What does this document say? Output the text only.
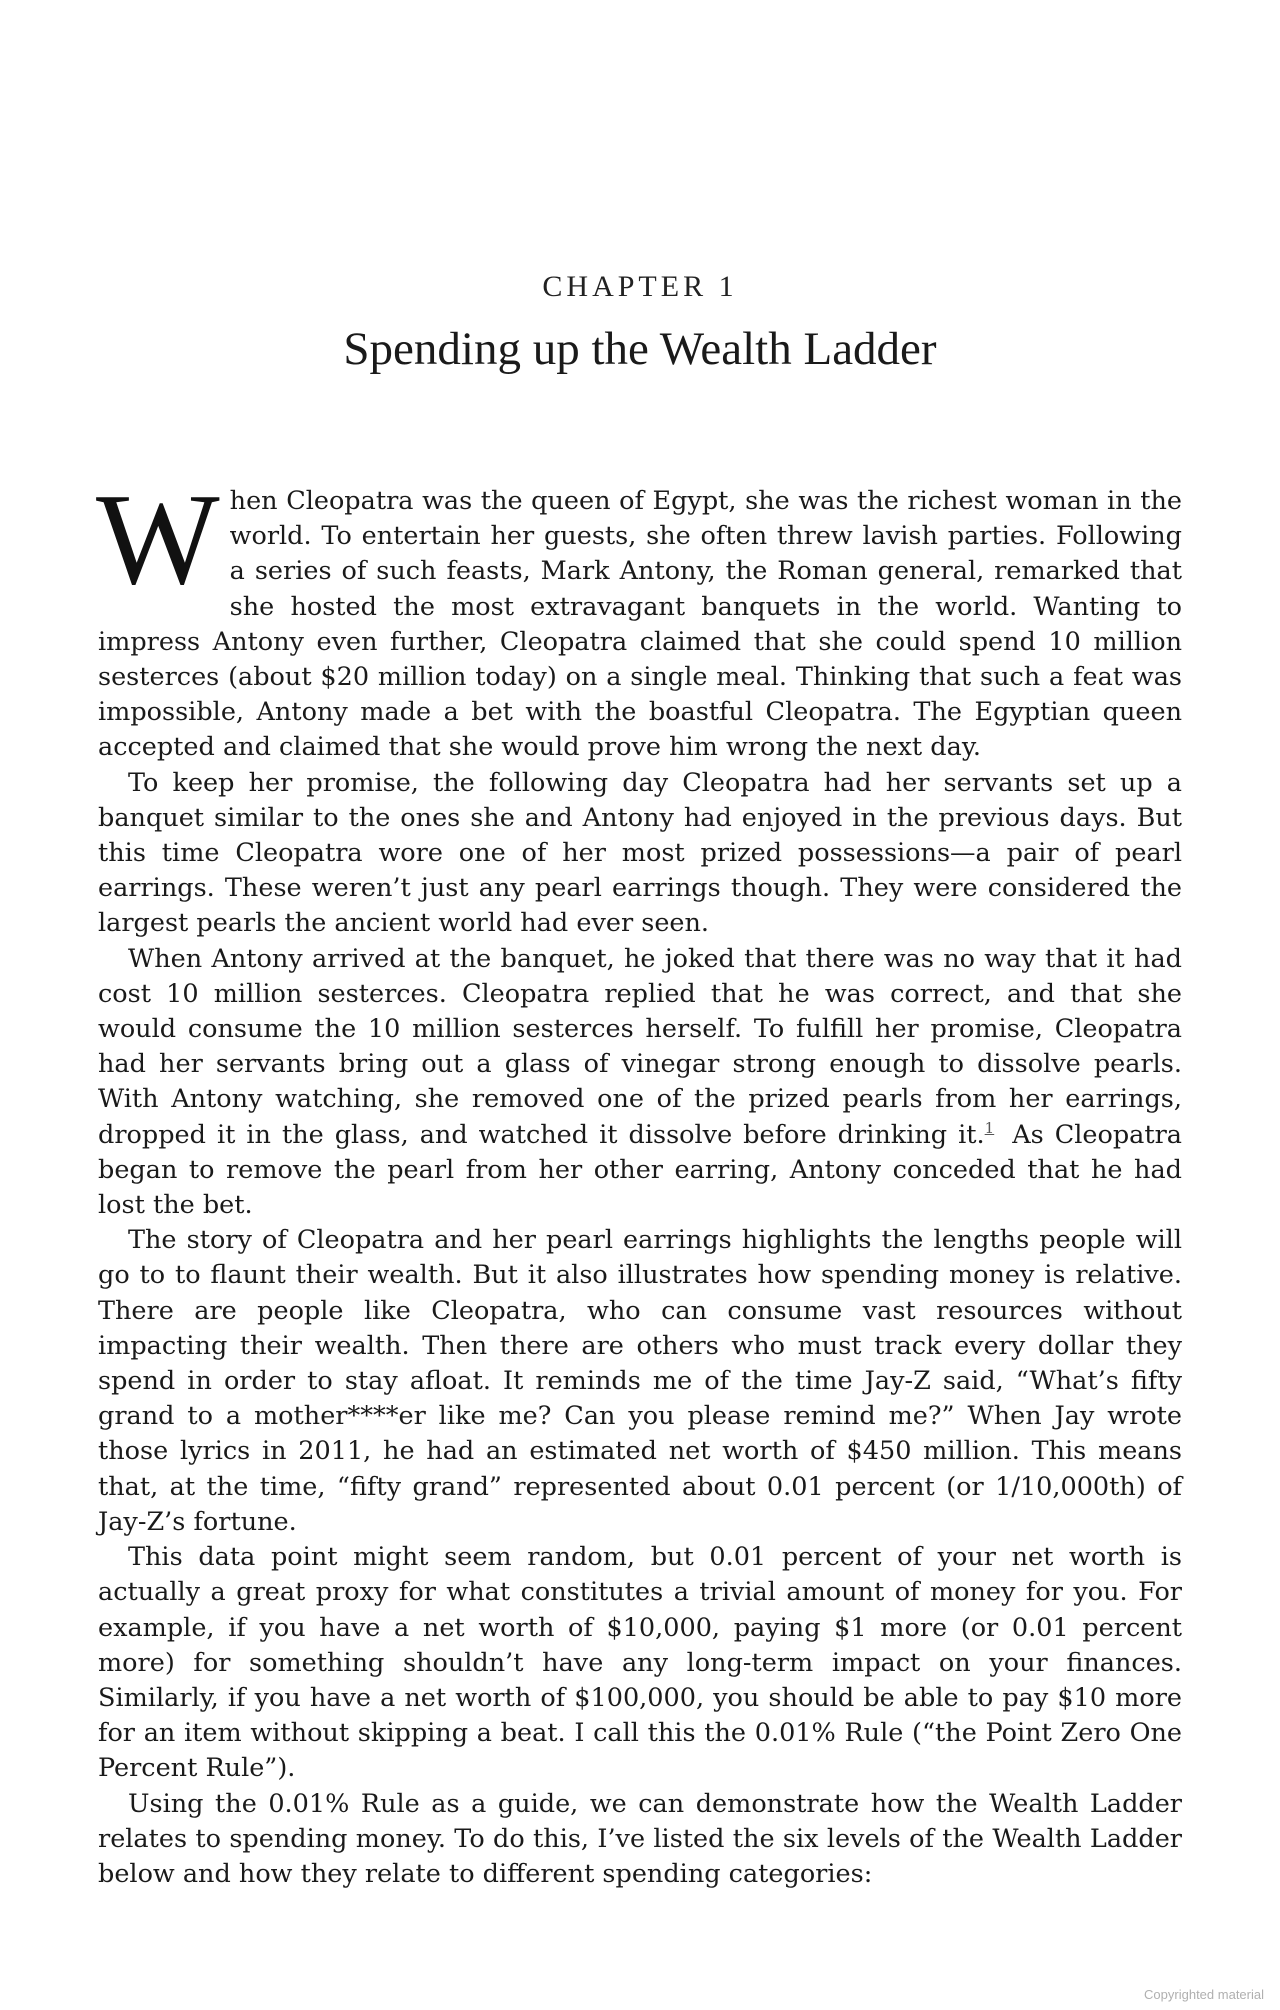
CHAPTER 1
Spending up the Wealth Ladder

When Cleopatra was the queen of Egypt, she was the richest woman in the world. To entertain her guests, she often threw lavish parties. Following a series of such feasts, Mark Antony, the Roman general, remarked that she hosted the most extravagant banquets in the world. Wanting to impress Antony even further, Cleopatra claimed that she could spend 10 million sesterces (about $20 million today) on a single meal. Thinking that such a feat was impossible, Antony made a bet with the boastful Cleopatra. The Egyptian queen accepted and claimed that she would prove him wrong the next day.

To keep her promise, the following day Cleopatra had her servants set up a banquet similar to the ones she and Antony had enjoyed in the previous days. But this time Cleopatra wore one of her most prized possessions—a pair of pearl earrings. These weren’t just any pearl earrings though. They were considered the largest pearls the ancient world had ever seen.

When Antony arrived at the banquet, he joked that there was no way that it had cost 10 million sesterces. Cleopatra replied that he was correct, and that she would consume the 10 million sesterces herself. To fulfill her promise, Cleopatra had her servants bring out a glass of vinegar strong enough to dissolve pearls. With Antony watching, she removed one of the prized pearls from her earrings, dropped it in the glass, and watched it dissolve before drinking it.$^1$ As Cleopatra began to remove the pearl from her other earring, Antony conceded that he had lost the bet.

The story of Cleopatra and her pearl earrings highlights the lengths people will go to to flaunt their wealth. But it also illustrates how spending money is relative. There are people like Cleopatra, who can consume vast resources without impacting their wealth. Then there are others who must track every dollar they spend in order to stay afloat. It reminds me of the time Jay-Z said, “What’s fifty grand to a mother****er like me? Can you please remind me?” When Jay wrote those lyrics in 2011, he had an estimated net worth of $450 million. This means that, at the time, “fifty grand” represented about 0.01 percent (or 1/10,000th) of Jay-Z’s fortune.

This data point might seem random, but 0.01 percent of your net worth is actually a great proxy for what constitutes a trivial amount of money for you. For example, if you have a net worth of $10,000, paying $1 more (or 0.01 percent more) for something shouldn’t have any long-term impact on your finances. Similarly, if you have a net worth of $100,000, you should be able to pay $10 more for an item without skipping a beat. I call this the 0.01% Rule (“the Point Zero One Percent Rule”).

Using the 0.01% Rule as a guide, we can demonstrate how the Wealth Ladder relates to spending money. To do this, I’ve listed the six levels of the Wealth Ladder below and how they relate to different spending categories:

Copyrighted material
